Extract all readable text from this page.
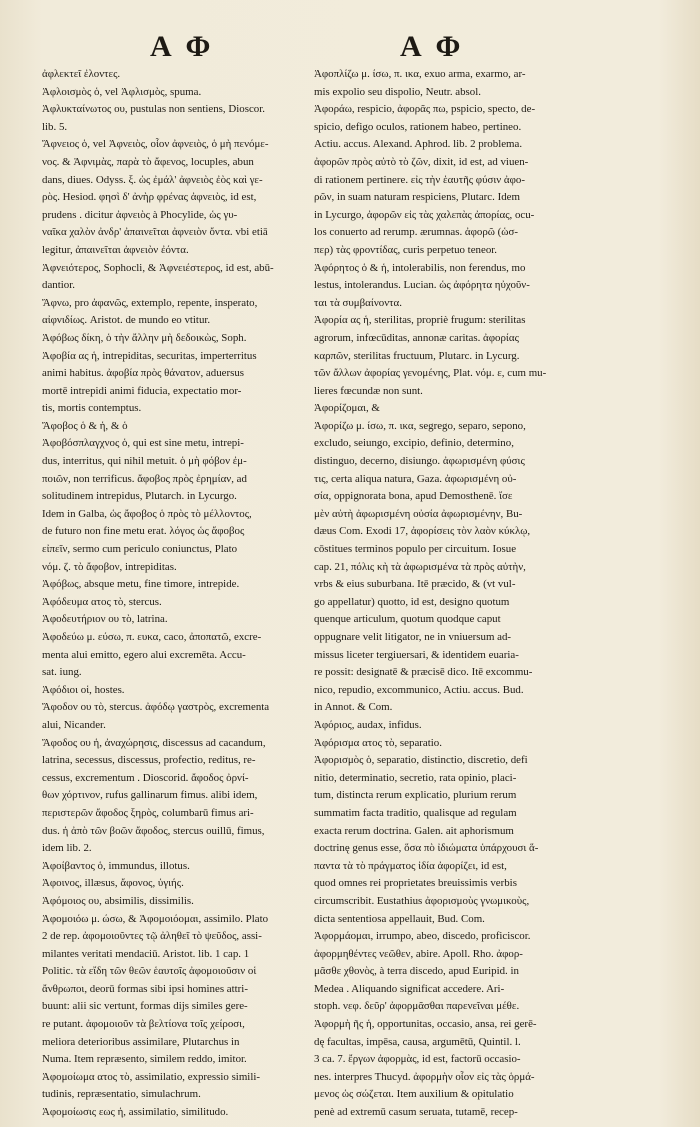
Α Φ	Α Φ
ἀφλεκτεῖ ἐλοντες.
Ἀφλοισμὸς ὁ, vel Ἀφλισμὸς, spuma.
Ἀφλυκταίνωτος ου, pustulas non sentiens, Dioscor.
lib. 5.
Ἄφνειος ὁ, vel Ἀφνειὸς, οἷον ἀφνειὸς, ὁ μὴ πενόμε-
νος. & Ἀφνιμὰς, παρὰ τὸ ἄφενος, locuples, abun
dans, diues. Odyss. ξ. ὡς ἐμάλ' ἀφνειὸς ἐὸς καὶ γε-
ρὸς. Hesiod. φησὶ δ' ἀνὴρ φρένας ἀφνειὸς, id est,
prudens . dicitur ἀφνειὸς à Phocylide, ὡς γυ-
ναῖκα χαλὸν ἀνδρ' ἀπαινεῖται ἀφνειὸν ὄντα. vbi etiā
legitur, ἀπαινεῖται ἀφνειὸν ἐόντα.
Ἀφνειότερος, Sophocli, & Ἀφνειέστερος, id est, abū-
dantior.
Ἄφνω, pro ἀφανῶς, extemplo, repente, insperato,
αἰφνιδίως. Aristot. de mundo eo vtitur.
Ἀφόβως δίκη, ὁ τὴν ἄλλην μὴ δεδοικὼς, Soph.
Ἀφοβία ας ἡ, intrepiditas, securitas, imperterritus
animi habitus. ἀφοβία πρὸς θάνατον, aduersus
mortē intrepidi animi fiducia, expectatio mor-
tis, mortis contemptus.
Ἄφοβος ὁ & ἡ, & ὁ
Ἀφοβόσπλαγχνος ὁ, qui est sine metu, intrepi-
dus, interritus, qui nihil metuit. ὁ μὴ φόβον ἐμ-
ποιῶν, non terrificus. ἄφοβος πρὸς ἐρημίαν, ad
solitudinem intrepidus, Plutarch. in Lycurgo.
Idem in Galba, ὡς ἄφοβος ὁ πρὸς τὸ μέλλοντος,
de futuro non fine metu erat. λόγος ὡς ἄφοβος
εἰπεῖν, sermo cum periculo coniunctus, Plato
νόμ. ζ. τὸ ἄφοβον, intrepiditas.
Ἀφόβως, absque metu, fine timore, intrepide.
Ἀφόδευμα ατος τὸ, stercus.
Ἀφοδευτήριον ου τὸ, latrina.
Ἀφοδεύω μ. εύσω, π. ευκα, caco, ἀποπατῶ, excre-
menta alui emitto, egero alui excremēta. Accu-
sat. iung.
Ἀφόδιοι οἱ, hostes.
Ἄφοδον ου τὸ, stercus. ἀφόδῳ γαστρὸς, excrementa
alui, Nicander.
Ἄφοδος ου ἡ, ἀναχώρησις, discessus ad cacandum,
latrina, secessus, discessus, profectio, reditus, re-
cessus, excrementum . Dioscorid. ἄφοδος ὀρνί-
θων χόρτινον, rufus gallinarum fimus. alibi idem,
περιστερῶν ἄφοδος ξηρὸς, columbarū fimus ari-
dus. ἡ ἀπὸ τῶν βοῶν ἄφοδος, stercus ouillū, fimus,
idem lib. 2.
Ἀφοίβαντος ὁ, immundus, illotus.
Ἀφοινος, illæsus, ἄφονος, ὑγιής.
Ἀφόμοιος ου, absimilis, dissimilis.
Ἀφομοιόω μ. ώσω, & Ἀφομοιόομαι, assimilo. Plato
2 de rep. ἀφομοιοῦντες τῷ ἀληθεῖ τὸ ψεῦδος, assi-
milantes veritati mendaciū. Aristot. lib. 1 cap. 1
Politic. τὰ εἴδη τῶν θεῶν ἑαυτοῖς ἀφομοιοῦσιν οἱ
ἄνθρωποι, deorū formas sibi ipsi homines attri-
buunt: alii sic vertunt, formas dijs similes gere-
re putant. ἀφομοιοῦν τὰ βελτίονα τοῖς χείροσι,
meliora deterioribus assimilare, Plutarchus in
Numa. Item repræsento, similem reddo, imitor.
Ἀφομοίωμα ατος τὸ, assimilatio, expressio simili-
tudinis, repræsentatio, simulachrum.
Ἀφομοίωσις εως ἡ, assimilatio, similitudo.
Ἀφοπλίζω μ. ίσω, π. ικα, exuo arma, exarmo, ar-
mis expolio seu dispolio, Neutr. absol.
Ἀφοράω, respicio, ἀφορᾶς πω, pspicio, specto, de-
spicio, defigo oculos, rationem habeo, pertineo.
Actiu. accus. Alexand. Aphrod. lib. 2 problema.
ἀφορῶν πρὸς αὐτὸ τὸ ζῶν, dixit, id est, ad viuen-
di rationem pertinere. εἰς τὴν ἑαυτῆς φύσιν ἀφο-
ρῶν, in suam naturam respiciens, Plutarc. Idem
in Lycurgo, ἀφορῶν εἰς τὰς χαλεπὰς ἀπορίας, ocu-
los conuerto ad rerump. ærumnas. ἀφορῶ (ὡσ-
περ) τὰς φροντίδας, curis perpetuo teneor.
Ἀφόρητος ὁ & ἡ, intolerabilis, non ferendus, mo
lestus, intolerandus. Lucian. ὡς ἀφόρητα ηὐχοῦν-
ται τὰ συμβαίνοντα.
Ἀφορία ας ἡ, sterilitas, propriè frugum: sterilitas
agrorum, infœcūditas, annonæ caritas. ἀφορίας
καρπῶν, sterilitas fructuum, Plutarc. in Lycurg.
τῶν ἄλλων ἀφορίας γενομένης, Plat. νόμ. ε, cum mu-
lieres fœcundæ non sunt.
Ἀφορίζομαι, &
Ἀφορίζω μ. ίσω, π. ικα, segrego, separo, sepono,
excludo, seiungo, excipio, definio, determino,
distinguo, decerno, disiungo. ἀφωρισμένη φύσις
τις, certa aliqua natura, Gaza. ἀφωρισμένη οὐ-
σία, oppignorata bona, apud Demosthenē. ἴσε
μὲν αὐτὴ ἀφωρισμένη οὐσία ἀφωρισμένην, Bu-
dæus Com. Exodi 17, ἀφορίσεις τὸν λαὸν κύκλῳ,
cōstitues terminos populo per circuitum. Iosue
cap. 21, πόλις κὴ τὰ ἀφωρισμένα τὰ πρὸς αὐτὴν,
vrbs & eius suburbana. Itē præcido, & (vt vul-
go appellatur) quotto, id est, designo quotum
quenque articulum, quotum quodque caput
oppugnare velit litigator, ne in vniuersum ad-
missus liceter tergiuersari, & identidem euaria-
re possit: designatē & præcisē dico. Itē excommu-
nico, repudio, excommunico, Actiu. accus. Bud.
in Annot. & Com.
Ἀφόριος, audax, infidus.
Ἀφόρισμα ατος τὸ, separatio.
Ἀφορισμὸς ὁ, separatio, distinctio, discretio, defi
nitio, determinatio, secretio, rata opinio, placi-
tum, distincta rerum explicatio, plurium rerum
summatim facta traditio, qualisque ad regulam
exacta rerum doctrina. Galen. ait aphorismum
doctrinę genus esse, ὅσα πὸ ἰδιώματα ὑπάρχουσι ἅ-
παντα τὰ τὸ πράγματος ἰδία ἀφορίζει, id est,
quod omnes rei proprietates breuissimis verbis
circumscribit. Eustathius ἀφορισμοὺς γνωμικοὺς,
dicta sententiosa appellauit, Bud. Com.
Ἀφορμάομαι, irrumpo, abeo, discedo, proficiscor.
ἀφορμηθέντες νεῶθεν, abire. Apoll. Rho. ἀφορ-
μᾶσθε χθονὸς, à terra discedo, apud Euripid. in
Medea . Aliquando significat accedere. Ari-
stoph. νεφ. δεῦρ' ἀφορμᾶσθαι παρενεῖναι μέθε.
Ἀφορμὴ ῆς ἡ, opportunitas, occasio, ansa, rei gerē-
dę facultas, impēsa, causa, argumētū, Quintil. l.
3 ca. 7. ἔργων ἀφορμὰς, id est, factorū occasio-
nes. interpres Thucyd. ἀφορμὴν οἷον εἰς τὰς ὁρμά-
μενος ὡς σώζεται. Item auxilium & opitulatio
penè ad extremū casum seruata, tutamē, recep-
